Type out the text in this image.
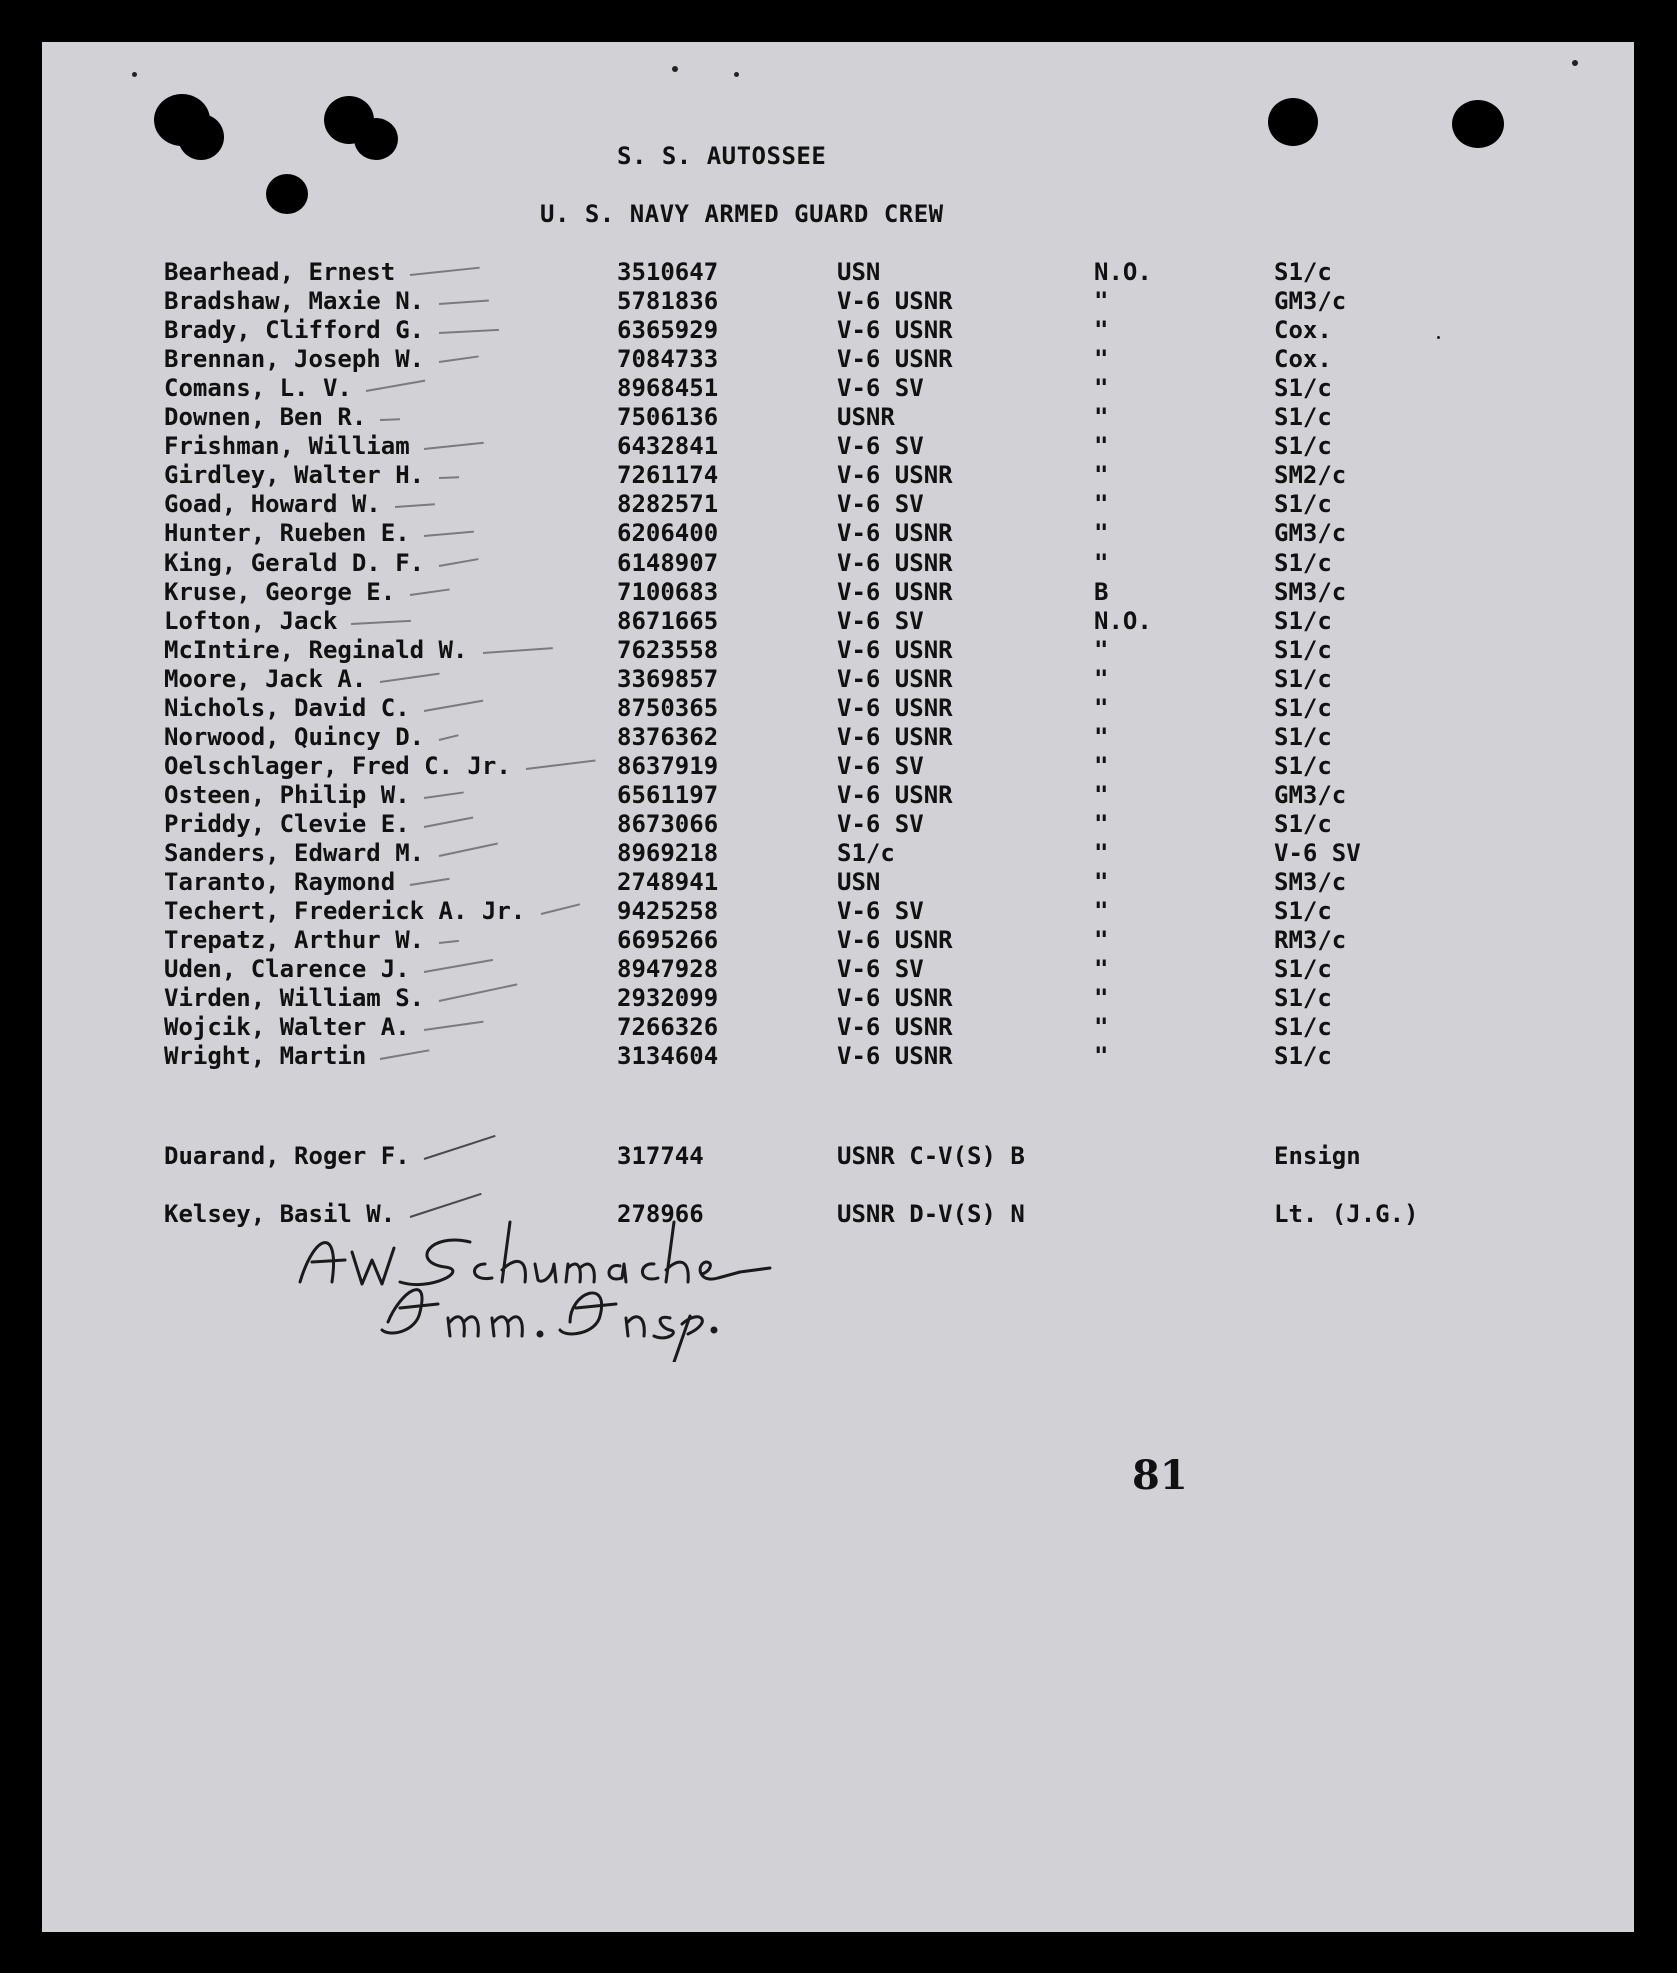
S. S. AUTOSSEE
U. S. NAVY ARMED GUARD CREW
Bearhead, Ernest	3510647	USN	N.O.	S1/c
Bradshaw, Maxie N.	5781836	V-6 USNR	"	GM3/c
Brady, Clifford G.	6365929	V-6 USNR	"	Cox.
Brennan, Joseph W.	7084733	V-6 USNR	"	Cox.
Comans, L. V.	8968451	V-6 SV	"	S1/c
Downen, Ben R.	7506136	USNR	"	S1/c
Frishman, William	6432841	V-6 SV	"	S1/c
Girdley, Walter H.	7261174	V-6 USNR	"	SM2/c
Goad, Howard W.	8282571	V-6 SV	"	S1/c
Hunter, Rueben E.	6206400	V-6 USNR	"	GM3/c
King, Gerald D. F.	6148907	V-6 USNR	"	S1/c
Kruse, George E.	7100683	V-6 USNR	B	SM3/c
Lofton, Jack	8671665	V-6 SV	N.O.	S1/c
McIntire, Reginald W.	7623558	V-6 USNR	"	S1/c
Moore, Jack A.	3369857	V-6 USNR	"	S1/c
Nichols, David C.	8750365	V-6 USNR	"	S1/c
Norwood, Quincy D.	8376362	V-6 USNR	"	S1/c
Oelschlager, Fred C. Jr.	8637919	V-6 SV	"	S1/c
Osteen, Philip W.	6561197	V-6 USNR	"	GM3/c
Priddy, Clevie E.	8673066	V-6 SV	"	S1/c
Sanders, Edward M.	8969218	S1/c	"	V-6 SV
Taranto, Raymond	2748941	USN	"	SM3/c
Techert, Frederick A. Jr.	9425258	V-6 SV	"	S1/c
Trepatz, Arthur W.	6695266	V-6 USNR	"	RM3/c
Uden, Clarence J.	8947928	V-6 SV	"	S1/c
Virden, William S.	2932099	V-6 USNR	"	S1/c
Wojcik, Walter A.	7266326	V-6 USNR	"	S1/c
Wright, Martin	3134604	V-6 USNR	"	S1/c
Duarand, Roger F.	317744	USNR C-V(S) B	Ensign
Kelsey, Basil W.	278966	USNR D-V(S) N	Lt. (J.G.)
81
